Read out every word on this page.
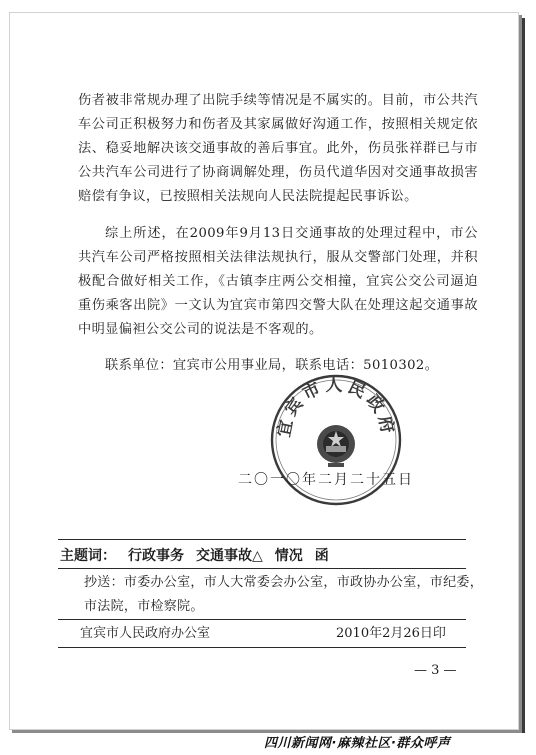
伤者被非常规办理了出院手续等情况是不属实的。目前，市公共汽车公司正积极努力和伤者及其家属做好沟通工作，按照相关规定依法、稳妥地解决该交通事故的善后事宜。此外，伤员张祥群已与市公共汽车公司进行了协商调解处理，伤员代道华因对交通事故损害赔偿有争议，已按照相关法规向人民法院提起民事诉讼。

综上所述，在2009年9月13日交通事故的处理过程中，市公共汽车公司严格按照相关法律法规执行，服从交警部门处理，并积极配合做好相关工作，《古镇李庄两公交相撞，宜宾公交公司逼迫重伤乘客出院》一文认为宜宾市第四交警大队在处理这起交通事故中明显偏袒公交公司的说法是不客观的。

联系单位：宜宾市公用事业局，联系电话：5010302。

宜宾市人民政府
二〇一〇年二月二十五日
主题词： 行政事务 交通事故△ 情况 函
抄送：市委办公室，市人大常委会办公室，市政协办公室，市纪委，市法院，市检察院。
宜宾市人民政府办公室	2010年2月26日印
— 3 —
四川新闻网·麻辣社区·群众呼声
